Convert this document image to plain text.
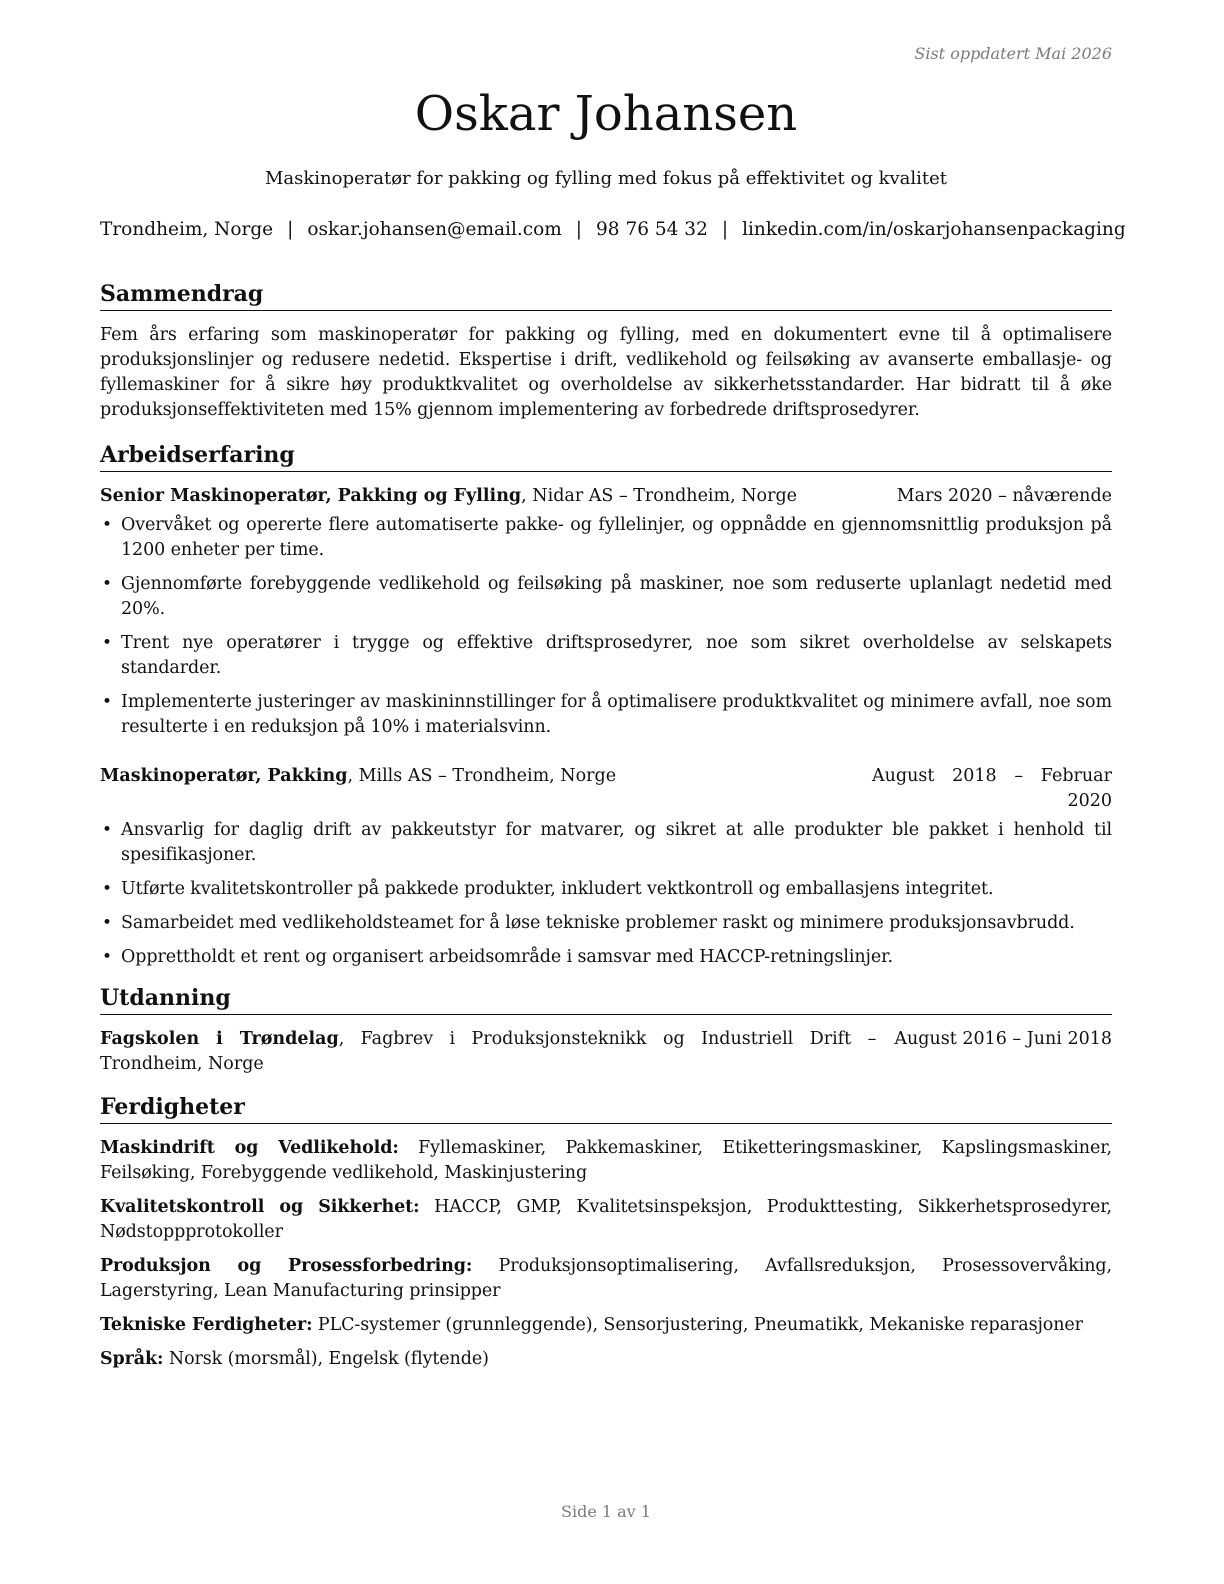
Sist oppdatert Mai 2026
Oskar Johansen
Maskinoperatør for pakking og fylling med fokus på effektivitet og kvalitet
Trondheim, Norge | oskar.johansen@email.com | 98 76 54 32 | linkedin.com/in/oskarjohansenpackaging
Sammendrag

Fem års erfaring som maskinoperatør for pakking og fylling, med en dokumentert evne til å optimalisere produksjonslinjer og redusere nedetid. Ekspertise i drift, vedlikehold og feilsøking av avanserte emballasje- og fyllemaskiner for å sikre høy produktkvalitet og overholdelse av sikkerhetsstandarder. Har bidratt til å øke produksjonseffektiviteten med 15% gjennom implementering av forbedrede driftsprosedyrer.

Arbeidserfaring
Senior Maskinoperatør, Pakking og Fylling, Nidar AS – Trondheim, Norge	Mars 2020 – nåværende
• Overvåket og opererte flere automatiserte pakke- og fyllelinjer, og oppnådde en gjennomsnittlig produksjon på 1200 enheter per time.
• Gjennomførte forebyggende vedlikehold og feilsøking på maskiner, noe som reduserte uplanlagt nedetid med 20%.
• Trent nye operatører i trygge og effektive driftsprosedyrer, noe som sikret overholdelse av selskapets standarder.
• Implementerte justeringer av maskininnstillinger for å optimalisere produktkvalitet og minimere avfall, noe som resulterte i en reduksjon på 10% i materialsvinn.
Maskinoperatør, Pakking, Mills AS – Trondheim, Norge	August 2018 – Februar 2020
• Ansvarlig for daglig drift av pakkeutstyr for matvarer, og sikret at alle produkter ble pakket i henhold til spesifikasjoner.
• Utførte kvalitetskontroller på pakkede produkter, inkludert vektkontroll og emballasjens integritet.
• Samarbeidet med vedlikeholdsteamet for å løse tekniske problemer raskt og minimere produksjonsavbrudd.
• Opprettholdt et rent og organisert arbeidsområde i samsvar med HACCP-retningslinjer.
Utdanning
Fagskolen i Trøndelag, Fagbrev i Produksjonsteknikk og Industriell Drift – Trondheim, Norge
August 2016 – Juni 2018
Ferdigheter

Maskindrift og Vedlikehold: Fyllemaskiner, Pakkemaskiner, Etiketteringsmaskiner, Kapslingsmaskiner, Feilsøking, Forebyggende vedlikehold, Maskinjustering

Kvalitetskontroll og Sikkerhet: HACCP, GMP, Kvalitetsinspeksjon, Produkttesting, Sikkerhetsprosedyrer, Nødstoppprotokoller

Produksjon og Prosessforbedring: Produksjonsoptimalisering, Avfallsreduksjon, Prosessovervåking, Lagerstyring, Lean Manufacturing prinsipper

Tekniske Ferdigheter: PLC-systemer (grunnleggende), Sensorjustering, Pneumatikk, Mekaniske reparasjoner

Språk: Norsk (morsmål), Engelsk (flytende)

Side 1 av 1
